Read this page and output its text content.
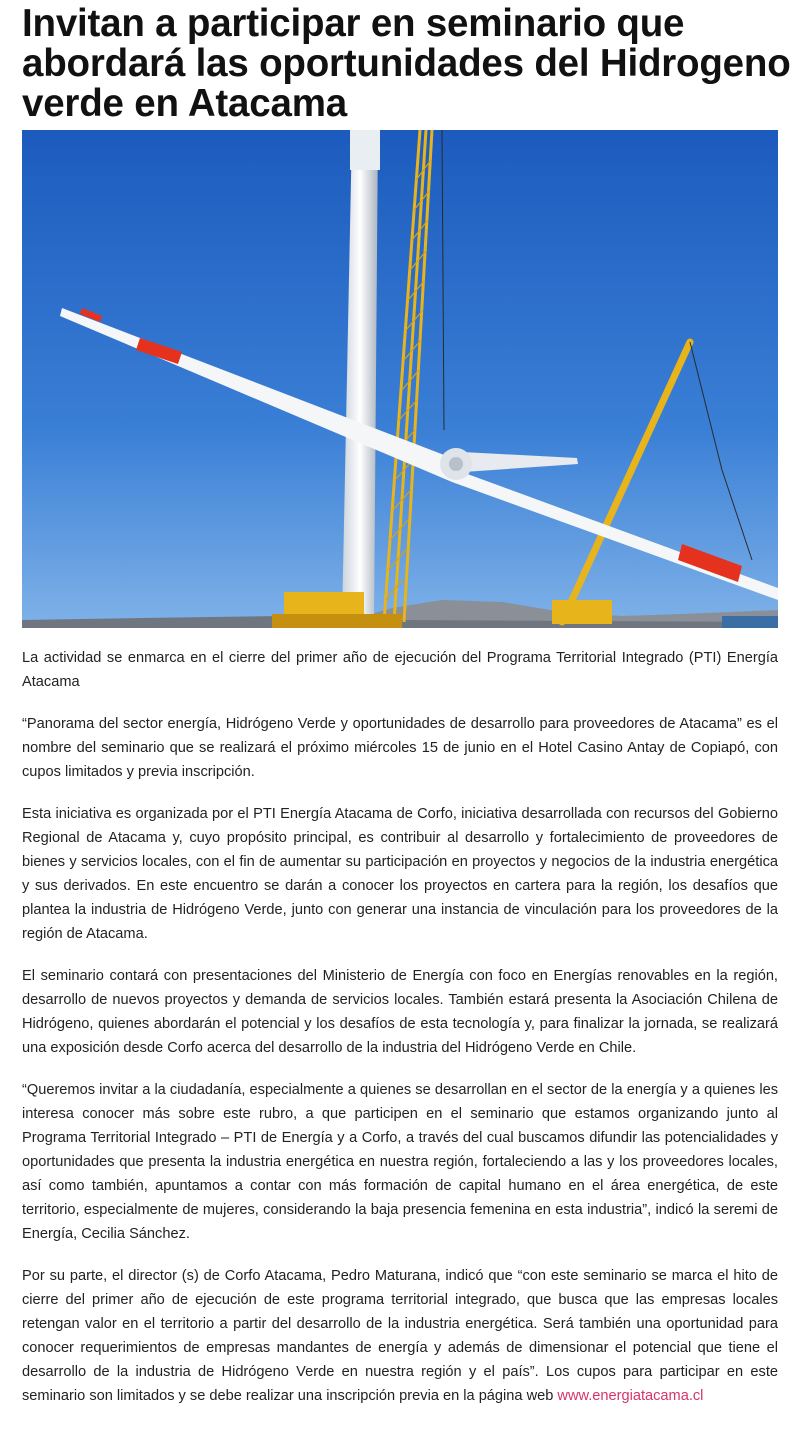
Invitan a participar en seminario que abordará las oportunidades del Hidrogeno verde en Atacama

La actividad se enmarca en el cierre del primer año de ejecución del Programa Territorial Integrado (PTI) Energía Atacama

“Panorama del sector energía, Hidrógeno Verde y oportunidades de desarrollo para proveedores de Atacama” es el nombre del seminario que se realizará el próximo miércoles 15 de junio en el Hotel Casino Antay de Copiapó, con cupos limitados y previa inscripción.

Esta iniciativa es organizada por el PTI Energía Atacama de Corfo, iniciativa desarrollada con recursos del Gobierno Regional de Atacama y, cuyo propósito principal, es contribuir al desarrollo y fortalecimiento de proveedores de bienes y servicios locales, con el fin de aumentar su participación en proyectos y negocios de la industria energética y sus derivados. En este encuentro se darán a conocer los proyectos en cartera para la región, los desafíos que plantea la industria de Hidrógeno Verde, junto con generar una instancia de vinculación para los proveedores de la región de Atacama.

El seminario contará con presentaciones del Ministerio de Energía con foco en Energías renovables en la región, desarrollo de nuevos proyectos y demanda de servicios locales. También estará presenta la Asociación Chilena de Hidrógeno, quienes abordarán el potencial y los desafíos de esta tecnología y, para finalizar la jornada, se realizará una exposición desde Corfo acerca del desarrollo de la industria del Hidrógeno Verde en Chile.

“Queremos invitar a la ciudadanía, especialmente a quienes se desarrollan en el sector de la energía y a quienes les interesa conocer más sobre este rubro, a que participen en el seminario que estamos organizando junto al Programa Territorial Integrado – PTI de Energía y a Corfo, a través del cual buscamos difundir las potencialidades y oportunidades que presenta la industria energética en nuestra región, fortaleciendo a las y los proveedores locales, así como también, apuntamos a contar con más formación de capital humano en el área energética, de este territorio, especialmente de mujeres, considerando la baja presencia femenina en esta industria”, indicó la seremi de Energía, Cecilia Sánchez.

Por su parte, el director (s) de Corfo Atacama, Pedro Maturana, indicó que “con este seminario se marca el hito de cierre del primer año de ejecución de este programa territorial integrado, que busca que las empresas locales retengan valor en el territorio a partir del desarrollo de la industria energética. Será también una oportunidad para conocer requerimientos de empresas mandantes de energía y además de dimensionar el potencial que tiene el desarrollo de la industria de Hidrógeno Verde en nuestra región y el país”. Los cupos para participar en este seminario son limitados y se debe realizar una inscripción previa en la página web www.energiatacama.cl
